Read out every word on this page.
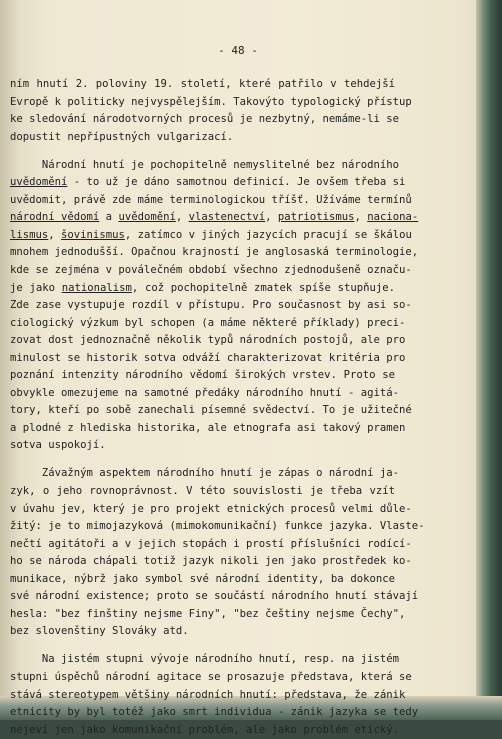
- 48 -
ním hnutí 2. poloviny 19. století, které patřilo v tehdejší
Evropě k politicky nejvyspělejším. Takovýto typologický přístup
ke sledování národotvorných procesů je nezbytný, nemáme-li se
dopustit nepřípustných vulgarizací.
Národní hnutí je pochopitelně nemyslitelné bez národního
uvědomění - to už je dáno samotnou definicí. Je ovšem třeba si
uvědomit, právě zde máme terminologickou tříšť. Užíváme termínů
národní vědomí a uvědomění, vlastenectví, patriotismus, naciona-
lismus, šovinismus, zatímco v jiných jazycích pracují se škálou
mnohem jednodušší. Opačnou krajností je anglosaská terminologie,
kde se zejména v poválečném období všechno zjednodušeně označu-
je jako nationalism, což pochopitelně zmatek spíše stupňuje.
Zde zase vystupuje rozdíl v přístupu. Pro současnost by asi so-
ciologický výzkum byl schopen (a máme některé příklady) preci-
zovat dost jednoznačně několik typů národních postojů, ale pro
minulost se historik sotva odváží charakterizovat kritéria pro
poznání intenzity národního vědomí širokých vrstev. Proto se
obvykle omezujeme na samotné předáky národního hnutí - agitá-
tory, kteří po sobě zanechali písemné svědectví. To je užitečné
a plodné z hlediska historika, ale etnografa asi takový pramen
sotva uspokojí.
Závažným aspektem národního hnutí je zápas o národní ja-
zyk, o jeho rovnoprávnost. V této souvislosti je třeba vzít
v úvahu jev, který je pro projekt etnických procesů velmi důle-
žitý: je to mimojazyková (mimokomunikační) funkce jazyka. Vlaste-
nečtí agitátoři a v jejich stopách i prostí příslušníci rodící-
ho se národa chápali totiž jazyk nikoli jen jako prostředek ko-
munikace, nýbrž jako symbol své národní identity, ba dokonce
své národní existence; proto se součástí národního hnutí stávají
hesla: "bez finštiny nejsme Finy", "bez češtiny nejsme Čechy",
bez slovenštiny Slováky atd.
Na jistém stupni vývoje národního hnutí, resp. na jistém
stupni úspěchů národní agitace se prosazuje představa, která se
stává stereotypem většiny národních hnutí: představa, že zánik
etnicity by byl totéž jako smrt individua - zánik jazyka se tedy
nejeví jen jako komunikační problém, ale jako problém etický.
